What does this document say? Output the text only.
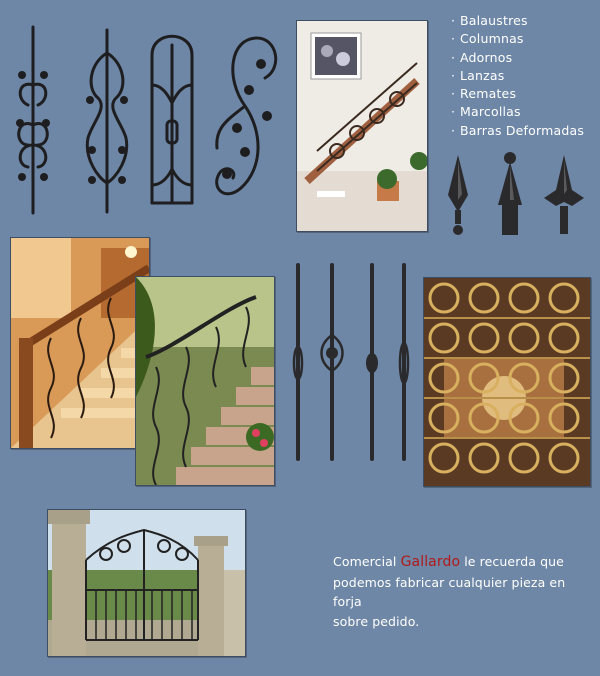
· Balaustres
· Columnas
· Adornos
· Lanzas
· Remates
· Marcollas
· Barras Deformadas
Comercial Gallardo le recuerda que
podemos fabricar cualquier pieza en forja
sobre pedido.
